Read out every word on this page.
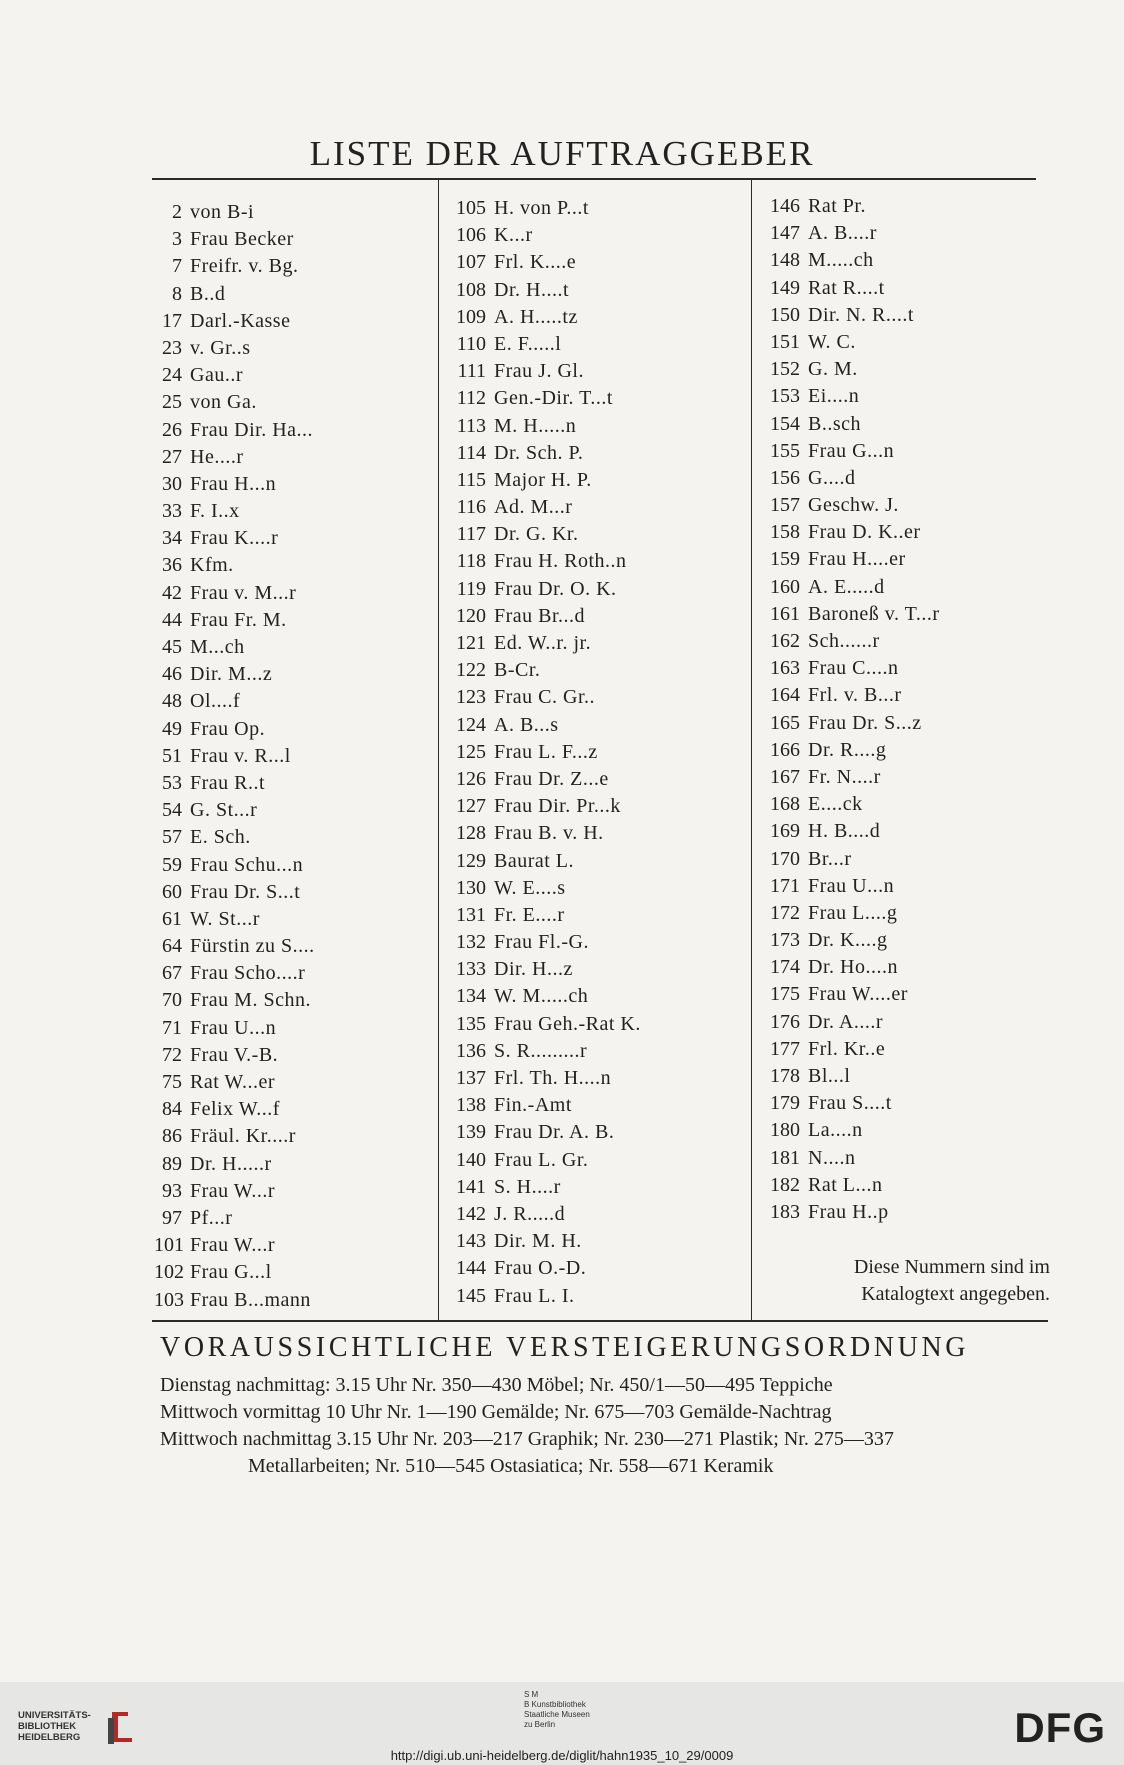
LISTE DER AUFTRAGGEBER
2 von B-i
3 Frau Becker
7 Freifr. v. Bg.
8 B..d
17 Darl.-Kasse
23 v. Gr..s
24 Gau..r
25 von Ga.
26 Frau Dir. Ha...
27 He....r
30 Frau H...n
33 F. I..x
34 Frau K....r
36 Kfm.
42 Frau v. M...r
44 Frau Fr. M.
45 M...ch
46 Dir. M...z
48 Ol....f
49 Frau Op.
51 Frau v. R...l
53 Frau R..t
54 G. St...r
57 E. Sch.
59 Frau Schu...n
60 Frau Dr. S...t
61 W. St...r
64 Fürstin zu S....
67 Frau Scho....r
70 Frau M. Schn.
71 Frau U...n
72 Frau V.-B.
75 Rat W...er
84 Felix W...f
86 Fräul. Kr....r
89 Dr. H.....r
93 Frau W...r
97 Pf...r
101 Frau W...r
102 Frau G...l
103 Frau B...mann
105 H. von P...t
106 K...r
107 Frl. K....e
108 Dr. H....t
109 A. H.....tz
110 E. F.....l
111 Frau J. Gl.
112 Gen.-Dir. T...t
113 M. H.....n
114 Dr. Sch. P.
115 Major H. P.
116 Ad. M...r
117 Dr. G. Kr.
118 Frau H. Roth..n
119 Frau Dr. O. K.
120 Frau Br...d
121 Ed. W..r. jr.
122 B-Cr.
123 Frau C. Gr..
124 A. B...s
125 Frau L. F...z
126 Frau Dr. Z...e
127 Frau Dir. Pr...k
128 Frau B. v. H.
129 Baurat L.
130 W. E....s
131 Fr. E....r
132 Frau Fl.-G.
133 Dir. H...z
134 W. M.....ch
135 Frau Geh.-Rat K.
136 S. R.........r
137 Frl. Th. H....n
138 Fin.-Amt
139 Frau Dr. A. B.
140 Frau L. Gr.
141 S. H....r
142 J. R.....d
143 Dir. M. H.
144 Frau O.-D.
145 Frau L. I.
146 Rat Pr.
147 A. B....r
148 M.....ch
149 Rat R....t
150 Dir. N. R....t
151 W. C.
152 G. M.
153 Ei....n
154 B..sch
155 Frau G...n
156 G....d
157 Geschw. J.
158 Frau D. K..er
159 Frau H....er
160 A. E.....d
161 Baroneß v. T...r
162 Sch......r
163 Frau C....n
164 Frl. v. B...r
165 Frau Dr. S...z
166 Dr. R....g
167 Fr. N....r
168 E....ck
169 H. B....d
170 Br...r
171 Frau U...n
172 Frau L....g
173 Dr. K....g
174 Dr. Ho....n
175 Frau W....er
176 Dr. A....r
177 Frl. Kr..e
178 Bl...l
179 Frau S....t
180 La....n
181 N....n
182 Rat L...n
183 Frau H..p
Diese Nummern sind im
Katalogtext angegeben.
VORAUSSICHTLICHE VERSTEIGERUNGSORDNUNG
Dienstag nachmittag: 3.15 Uhr Nr. 350—430 Möbel; Nr. 450/1—50—495 Teppiche
Mittwoch vormittag 10 Uhr Nr. 1—190 Gemälde; Nr. 675—703 Gemälde-Nachtrag
Mittwoch nachmittag 3.15 Uhr Nr. 203—217 Graphik; Nr. 230—271 Plastik; Nr. 275—337
Metallarbeiten; Nr. 510—545 Ostasiatica; Nr. 558—671 Keramik
UNIVERSITÄTS-
BIBLIOTHEK
HEIDELBERG
S M
B Kunstbibliothek
Staatliche Museen
zu Berlin	DFG
http://digi.ub.uni-heidelberg.de/diglit/hahn1935_10_29/0009
